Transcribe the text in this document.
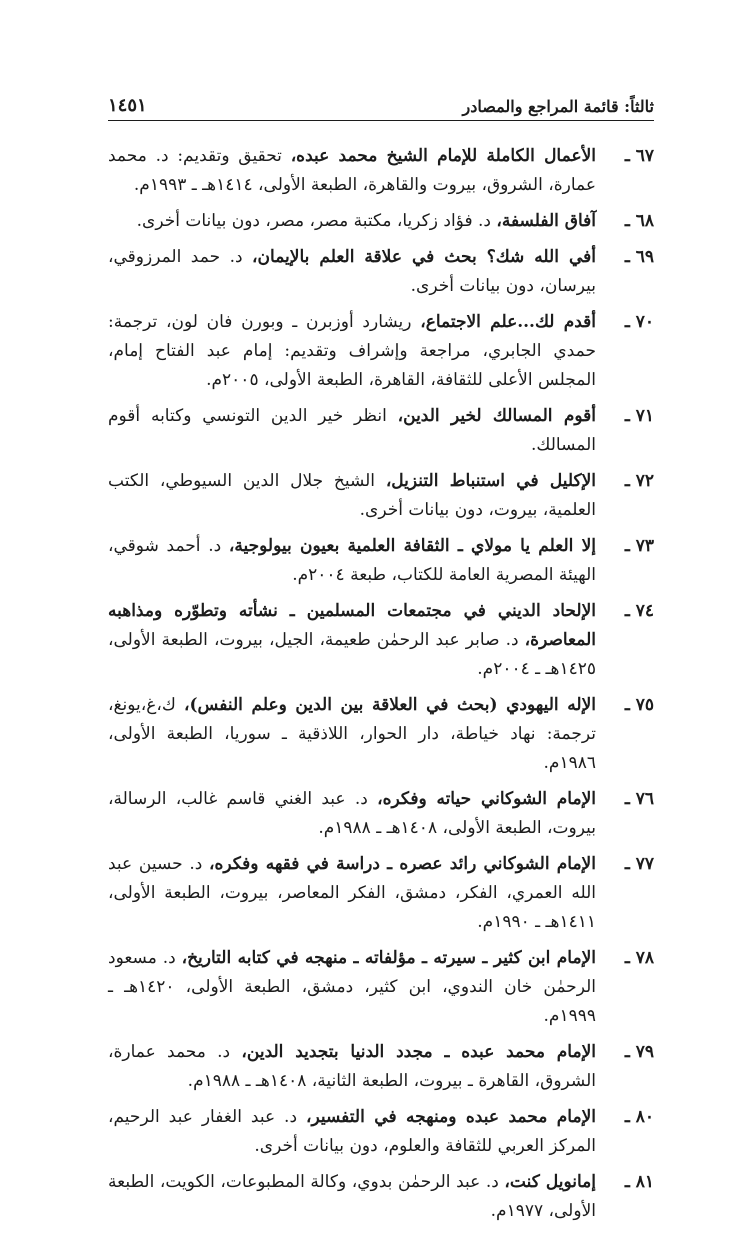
ثالثاً: قائمة المراجع والمصادر
١٤٥١
٦٧ ـ
الأعمال الكاملة للإمام الشيخ محمد عبده، تحقيق وتقديم: د. محمد عمارة، الشروق، بيروت والقاهرة، الطبعة الأولى، ١٤١٤هـ ـ ١٩٩٣م.
٦٨ ـ
آفاق الفلسفة، د. فؤاد زكريا، مكتبة مصر، مصر، دون بيانات أخرى.
٦٩ ـ
أفي الله شك؟ بحث في علاقة العلم بالإيمان، د. حمد المرزوقي، بيرسان، دون بيانات أخرى.
٧٠ ـ
أقدم لك...علم الاجتماع، ريشارد أوزبرن ـ وبورن فان لون، ترجمة: حمدي الجابري، مراجعة وإشراف وتقديم: إمام عبد الفتاح إمام، المجلس الأعلى للثقافة، القاهرة، الطبعة الأولى، ٢٠٠٥م.
٧١ ـ
أقوم المسالك لخير الدين، انظر خير الدين التونسي وكتابه أقوم المسالك.
٧٢ ـ
الإكليل في استنباط التنزيل، الشيخ جلال الدين السيوطي، الكتب العلمية، بيروت، دون بيانات أخرى.
٧٣ ـ
إلا العلم يا مولاي ـ الثقافة العلمية بعيون بيولوجية، د. أحمد شوقي، الهيئة المصرية العامة للكتاب، طبعة ٢٠٠٤م.
٧٤ ـ
الإلحاد الديني في مجتمعات المسلمين ـ نشأته وتطوّره ومذاهبه المعاصرة، د. صابر عبد الرحمٰن طعيمة، الجيل، بيروت، الطبعة الأولى، ١٤٢٥هـ ـ ٢٠٠٤م.
٧٥ ـ
الإله اليهودي (بحث في العلاقة بين الدين وعلم النفس)، ك،غ،يونغ، ترجمة: نهاد خياطة، دار الحوار، اللاذقية ـ سوريا، الطبعة الأولى، ١٩٨٦م.
٧٦ ـ
الإمام الشوكاني حياته وفكره، د. عبد الغني قاسم غالب، الرسالة، بيروت، الطبعة الأولى، ١٤٠٨هـ ـ ١٩٨٨م.
٧٧ ـ
الإمام الشوكاني رائد عصره ـ دراسة في فقهه وفكره، د. حسين عبد الله العمري، الفكر، دمشق، الفكر المعاصر، بيروت، الطبعة الأولى، ١٤١١هـ ـ ١٩٩٠م.
٧٨ ـ
الإمام ابن كثير ـ سيرته ـ مؤلفاته ـ منهجه في كتابه التاريخ، د. مسعود الرحمٰن خان الندوي، ابن كثير، دمشق، الطبعة الأولى، ١٤٢٠هـ ـ ١٩٩٩م.
٧٩ ـ
الإمام محمد عبده ـ مجدد الدنيا بتجديد الدين، د. محمد عمارة، الشروق، القاهرة ـ بيروت، الطبعة الثانية، ١٤٠٨هـ ـ ١٩٨٨م.
٨٠ ـ
الإمام محمد عبده ومنهجه في التفسير، د. عبد الغفار عبد الرحيم، المركز العربي للثقافة والعلوم، دون بيانات أخرى.
٨١ ـ
إمانويل كنت، د. عبد الرحمٰن بدوي، وكالة المطبوعات، الكويت، الطبعة الأولى، ١٩٧٧م.
